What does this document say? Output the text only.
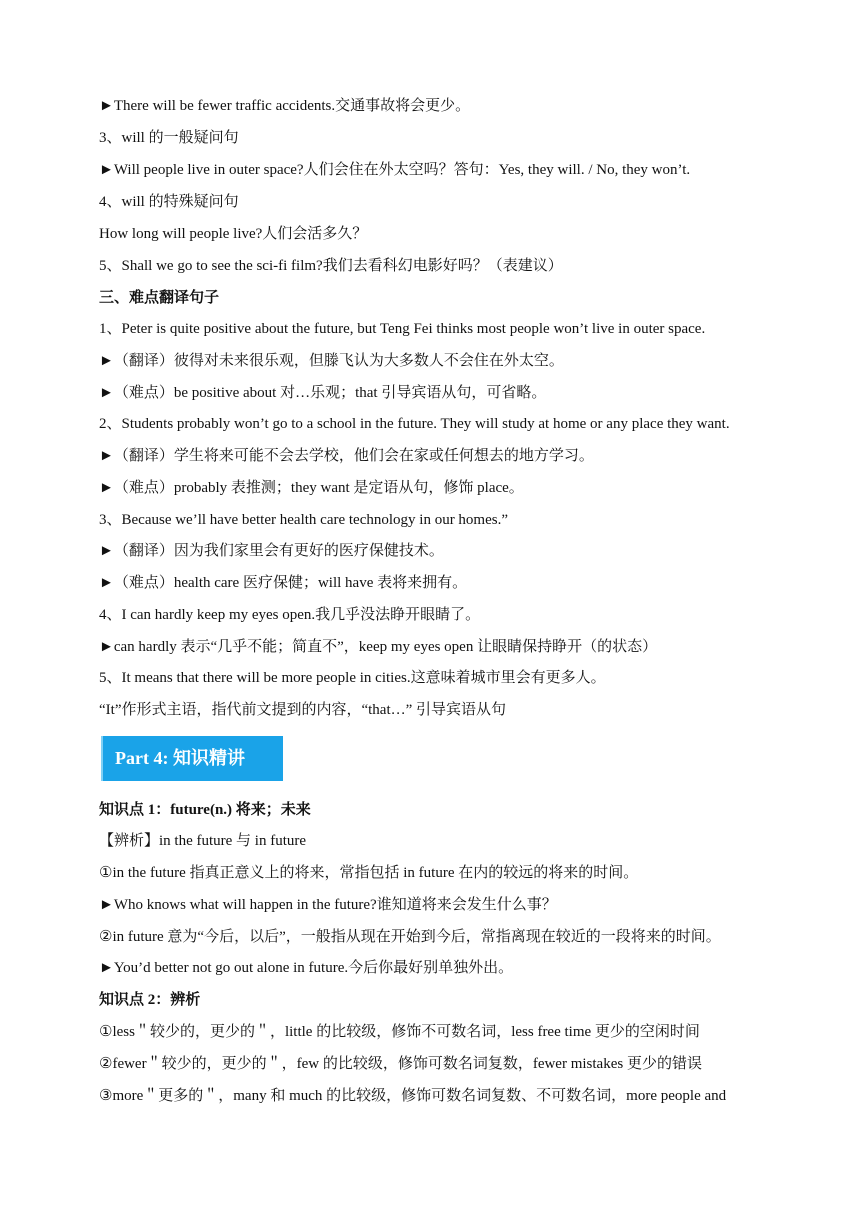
►There will be fewer traffic accidents.交通事故将会更少。
3、will 的一般疑问句
►Will people live in outer space?人们会住在外太空吗？答句：Yes, they will. / No, they won’t.
4、will 的特殊疑问句
How long will people live?人们会活多久？
5、Shall we go to see the sci-fi film?我们去看科幻电影好吗？（表建议）
三、难点翻译句子
1、Peter is quite positive about the future, but Teng Fei thinks most people won’t live in outer space.
►（翻译）彼得对未来很乐观，但滕飞认为大多数人不会住在外太空。
►（难点）be positive about 对…乐观；that 引导宾语从句，可省略。
2、Students probably won’t go to a school in the future. They will study at home or any place they want.
►（翻译）学生将来可能不会去学校，他们会在家或任何想去的地方学习。
►（难点）probably 表推测；they want 是定语从句，修饰 place。
3、Because we’ll have better health care technology in our homes.”
►（翻译）因为我们家里会有更好的医疗保健技术。
►（难点）health care 医疗保健；will have 表将来拥有。
4、I can hardly keep my eyes open.我几乎没法睁开眼睛了。
►can hardly 表示“几乎不能；简直不”，keep my eyes open 让眼睛保持睁开（的状态）
5、It means that there will be more people in cities.这意味着城市里会有更多人。
“It”作形式主语，指代前文提到的内容，“that…” 引导宾语从句
Part 4: 知识精讲
知识点 1：future(n.) 将来；未来
【辨析】in the future 与 in future
①in the future 指真正意义上的将来，常指包括 in future 在内的较远的将来的时间。
►Who knows what will happen in the future?谁知道将来会发生什么事？
②in future 意为“今后，以后”，一般指从现在开始到今后，常指离现在较近的一段将来的时间。
►You’d better not go out alone in future.今后你最好别单独外出。
知识点 2：辨析
①less＂较少的，更少的＂，little 的比较级，修饰不可数名词，less free time 更少的空闲时间
②fewer＂较少的，更少的＂，few 的比较级，修饰可数名词复数，fewer mistakes 更少的错误
③more＂更多的＂，many 和 much 的比较级，修饰可数名词复数、不可数名词，more people and
